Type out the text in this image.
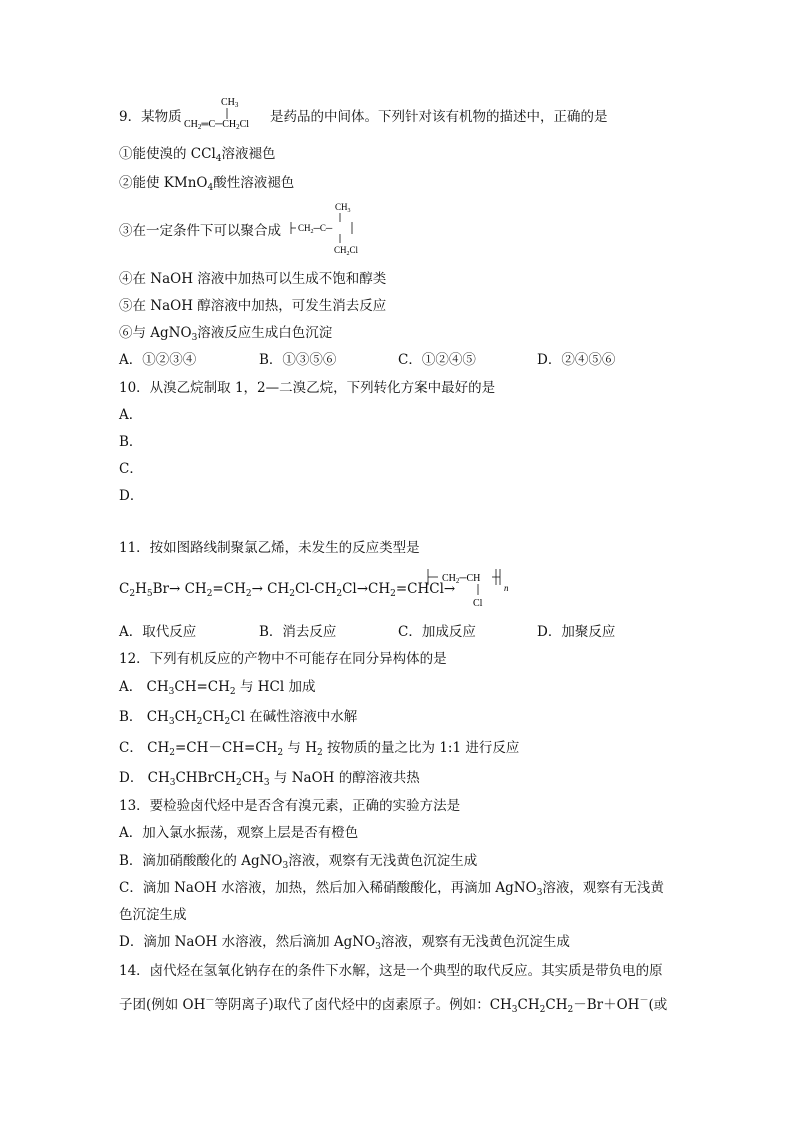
9．某物质
$CH_3$
$CH_2═C─CH_2Cl$ 是药品的中间体。下列针对该有机物的描述中，正确的是
①能使溴的 CCl$_4$溶液褪色
②能使 KMnO$_4$酸性溶液褪色
③在一定条件下可以聚合成
$CH_3$
$CH_2─C─$
$CH_2Cl$
④在 NaOH 溶液中加热可以生成不饱和醇类
⑤在 NaOH 醇溶液中加热，可发生消去反应
⑥与 AgNO$_3$溶液反应生成白色沉淀
A．①②③④	B．①③⑤⑥	C．①②④⑤	D．②④⑤⑥
10．从溴乙烷制取 1，2—二溴乙烷，下列转化方案中最好的是
A．
B．
C．
D．
11．按如图路线制聚氯乙烯，未发生的反应类型是
$C_2H_5Br\to CH_2=CH_2\to$ $CH_2Cl-CH_2Cl\to CH_2=CHCl\to$
$CH_2─CH$
n
Cl
A．取代反应	B．消去反应	C．加成反应	D．加聚反应
12．下列有机反应的产物中不可能存在同分异构体的是
A． $CH_3CH=CH_2$ 与 HCl 加成
B． $CH_3CH_2CH_2Cl$ 在碱性溶液中水解
C． $CH_2=CH-CH=CH_2$ 与 $H_2$ 按物质的量之比为 1:1 进行反应
D． $CH_3CHBrCH_2CH_3$ 与 NaOH 的醇溶液共热
13．要检验卤代烃中是否含有溴元素，正确的实验方法是
A．加入氯水振荡，观察上层是否有橙色
B．滴加硝酸酸化的 AgNO$_3$溶液，观察有无浅黄色沉淀生成
C．滴加 NaOH 水溶液，加热，然后加入稀硝酸酸化，再滴加 AgNO$_3$溶液，观察有无浅黄
色沉淀生成
D．滴加 NaOH 水溶液，然后滴加 AgNO$_3$溶液，观察有无浅黄色沉淀生成
14．卤代烃在氢氧化钠存在的条件下水解，这是一个典型的取代反应。其实质是带负电的原
子团(例如 OH－等阴离子)取代了卤代烃中的卤素原子。例如：$CH_3CH_2CH_2-Br+OH^-$(或
